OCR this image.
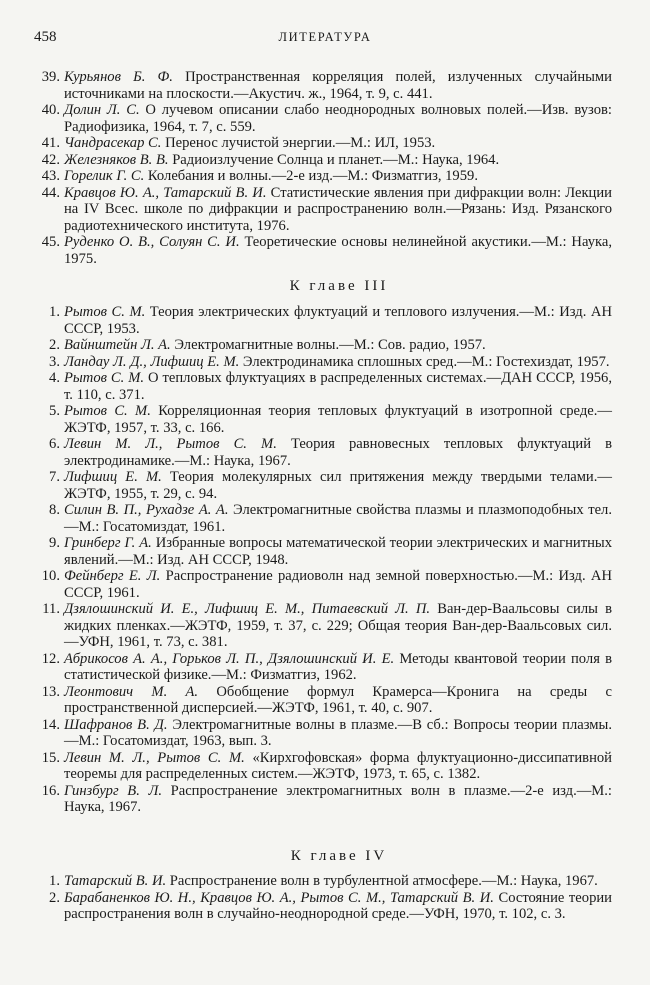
458	ЛИТЕРАТУРА
39. Курьянов Б. Ф. Пространственная корреляция полей, излученных случайными источниками на плоскости.—Акустич. ж., 1964, т. 9, с. 441.
40. Долин Л. С. О лучевом описании слабо неоднородных волновых полей.—Изв. вузов: Радиофизика, 1964, т. 7, с. 559.
41. Чандрасекар С. Перенос лучистой энергии.—М.: ИЛ, 1953.
42. Железняков В. В. Радиоизлучение Солнца и планет.—М.: Наука, 1964.
43. Горелик Г. С. Колебания и волны.—2-е изд.—М.: Физматгиз, 1959.
44. Кравцов Ю. А., Татарский В. И. Статистические явления при дифракции волн: Лекции на IV Всес. школе по дифракции и распространению волн.—Рязань: Изд. Рязанского радиотехнического института, 1976.
45. Руденко О. В., Солуян С. И. Теоретические основы нелинейной акустики.—М.: Наука, 1975.
К главе III
1. Рытов С. М. Теория электрических флуктуаций и теплового излучения.—М.: Изд. АН СССР, 1953.
2. Вайнштейн Л. А. Электромагнитные волны.—М.: Сов. радио, 1957.
3. Ландау Л. Д., Лифшиц Е. М. Электродинамика сплошных сред.—М.: Гостехиздат, 1957.
4. Рытов С. М. О тепловых флуктуациях в распределенных системах.—ДАН СССР, 1956, т. 110, с. 371.
5. Рытов С. М. Корреляционная теория тепловых флуктуаций в изотропной среде.—ЖЭТФ, 1957, т. 33, с. 166.
6. Левин М. Л., Рытов С. М. Теория равновесных тепловых флуктуаций в электродинамике.—М.: Наука, 1967.
7. Лифшиц Е. М. Теория молекулярных сил притяжения между твердыми телами.—ЖЭТФ, 1955, т. 29, с. 94.
8. Силин В. П., Рухадзе А. А. Электромагнитные свойства плазмы и плазмоподобных тел.—М.: Госатомиздат, 1961.
9. Гринберг Г. А. Избранные вопросы математической теории электрических и магнитных явлений.—М.: Изд. АН СССР, 1948.
10. Фейнберг Е. Л. Распространение радиоволн над земной поверхностью.—М.: Изд. АН СССР, 1961.
11. Дзялошинский И. Е., Лифшиц Е. М., Питаевский Л. П. Ван-дер-Ваальсовы силы в жидких пленках.—ЖЭТФ, 1959, т. 37, с. 229; Общая теория Ван-дер-Ваальсовых сил.—УФН, 1961, т. 73, с. 381.
12. Абрикосов А. А., Горьков Л. П., Дзялошинский И. Е. Методы квантовой теории поля в статистической физике.—М.: Физматгиз, 1962.
13. Леонтович М. А. Обобщение формул Крамерса—Кронига на среды с пространственной дисперсией.—ЖЭТФ, 1961, т. 40, с. 907.
14. Шафранов В. Д. Электромагнитные волны в плазме.—В сб.: Вопросы теории плазмы.—М.: Госатомиздат, 1963, вып. 3.
15. Левин М. Л., Рытов С. М. «Кирхгофовская» форма флуктуационно-диссипативной теоремы для распределенных систем.—ЖЭТФ, 1973, т. 65, с. 1382.
16. Гинзбург В. Л. Распространение электромагнитных волн в плазме.—2-е изд.—М.: Наука, 1967.
К главе IV
1. Татарский В. И. Распространение волн в турбулентной атмосфере.—М.: Наука, 1967.
2. Барабаненков Ю. Н., Кравцов Ю. А., Рытов С. М., Татарский В. И. Состояние теории распространения волн в случайно-неоднородной среде.—УФН, 1970, т. 102, с. 3.
